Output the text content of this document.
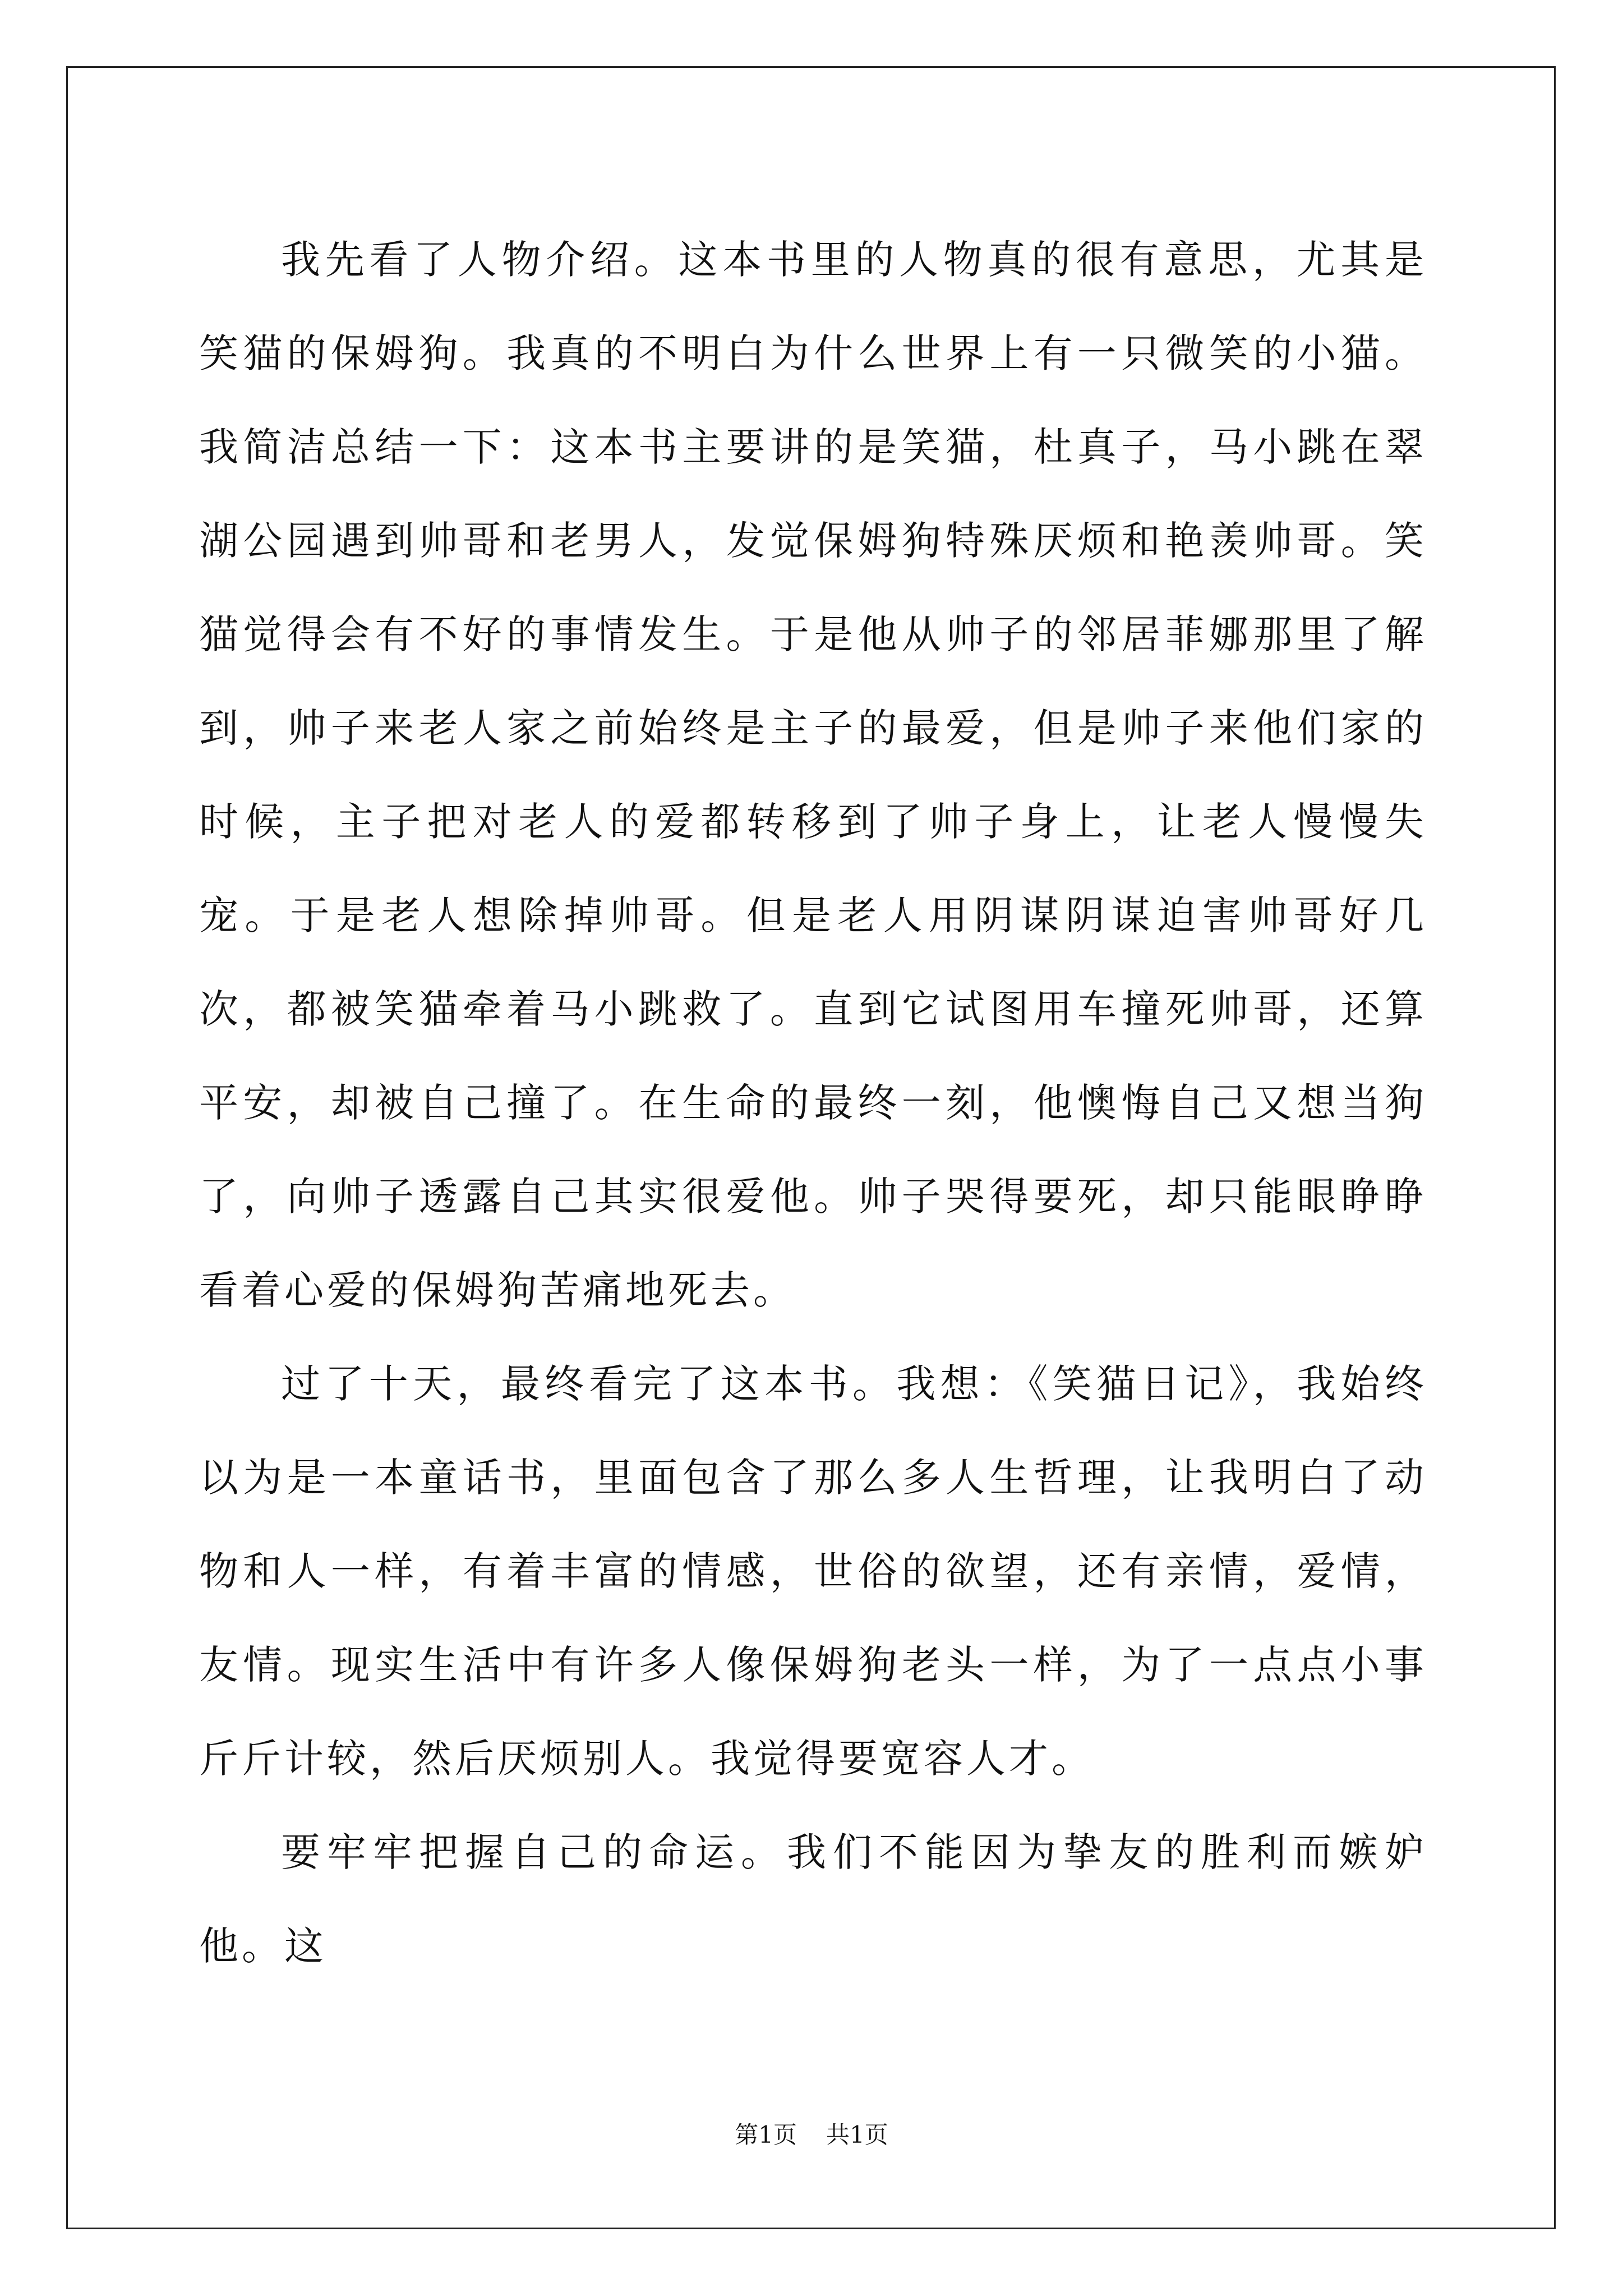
我先看了人物介绍。这本书里的人物真的很有意思，尤其是笑猫的保姆狗。我真的不明白为什么世界上有一只微笑的小猫。我简洁总结一下：这本书主要讲的是笑猫，杜真子，马小跳在翠湖公园遇到帅哥和老男人，发觉保姆狗特殊厌烦和艳羡帅哥。笑猫觉得会有不好的事情发生。于是他从帅子的邻居菲娜那里了解到，帅子来老人家之前始终是主子的最爱，但是帅子来他们家的时候，主子把对老人的爱都转移到了帅子身上，让老人慢慢失宠。于是老人想除掉帅哥。但是老人用阴谋阴谋迫害帅哥好几次，都被笑猫牵着马小跳救了。直到它试图用车撞死帅哥，还算平安，却被自己撞了。在生命的最终一刻，他懊悔自己又想当狗了，向帅子透露自己其实很爱他。帅子哭得要死，却只能眼睁睁看着心爱的保姆狗苦痛地死去。

过了十天，最终看完了这本书。我想：《笑猫日记》，我始终以为是一本童话书，里面包含了那么多人生哲理，让我明白了动物和人一样，有着丰富的情感，世俗的欲望，还有亲情，爱情，友情。现实生活中有许多人像保姆狗老头一样，为了一点点小事斤斤计较，然后厌烦别人。我觉得要宽容人才。

要牢牢把握自己的命运。我们不能因为挚友的胜利而嫉妒他。这

第1页 共1页
